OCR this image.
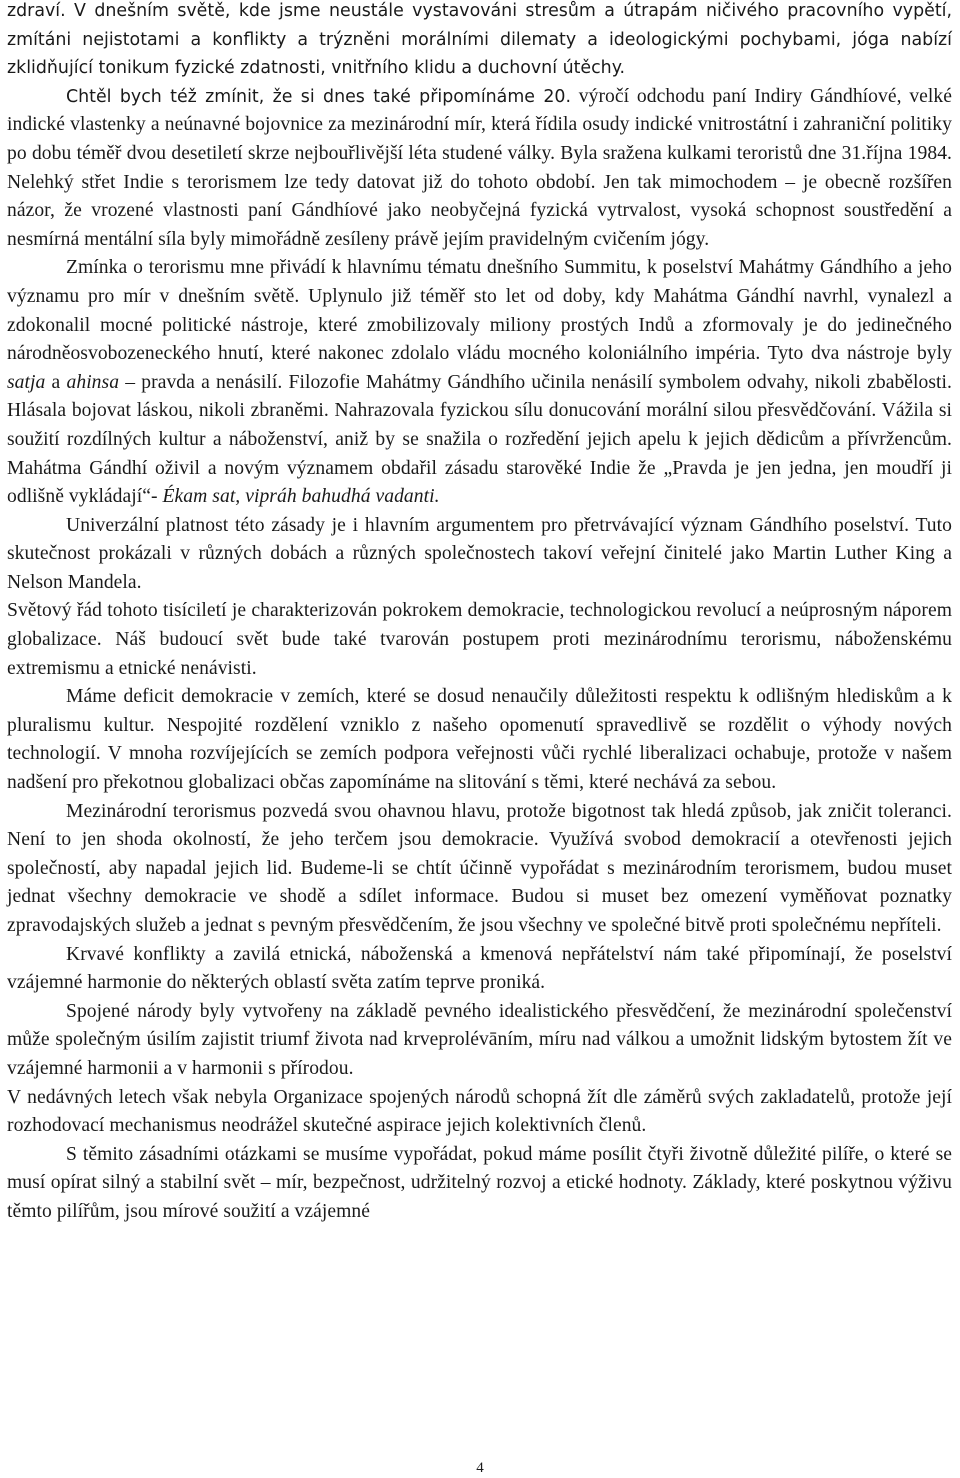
zdraví. V dnešním světě, kde jsme neustále vystavováni stresům a útrapám ničivého pracovního vypětí, zmítáni nejistotami a konflikty a trýzněni morálními dilematy a ideologickými pochybami, jóga nabízí zklidňující tonikum fyzické zdatnosti, vnitřního klidu a duchovní útěchy.

Chtěl bych též zmínit, že si dnes také připomínáme 20. výročí odchodu paní Indiry Gándhíové, velké indické vlastenky a neúnavné bojovnice za mezinárodní mír, která řídila osudy indické vnitrostátní i zahraniční politiky po dobu téměř dvou desetiletí skrze nejbouřlivější léta studené války. Byla sražena kulkami teroristů dne 31.října 1984. Nelehký střet Indie s terorismem lze tedy datovat již do tohoto období. Jen tak mimochodem – je obecně rozšířen názor, že vrozené vlastnosti paní Gándhíové jako neobyčejná fyzická vytrvalost, vysoká schopnost soustředění a nesmírná mentální síla byly mimořádně zesíleny právě jejím pravidelným cvičením jógy.

Zmínka o terorismu mne přivádí k hlavnímu tématu dnešního Summitu, k poselství Mahátmy Gándhího a jeho významu pro mír v dnešním světě. Uplynulo již téměř sto let od doby, kdy Mahátma Gándhí navrhl, vynalezl a zdokonalil mocné politické nástroje, které zmobilizovaly miliony prostých Indů a zformovaly je do jedinečného národněosvobozeneckého hnutí, které nakonec zdolalo vládu mocného koloniálního impéria. Tyto dva nástroje byly satja a ahinsa – pravda a nenásilí. Filozofie Mahátmy Gándhího učinila nenásilí symbolem odvahy, nikoli zbabělosti. Hlásala bojovat láskou, nikoli zbraněmi. Nahrazovala fyzickou sílu donucování morální silou přesvědčování. Vážila si soužití rozdílných kultur a náboženství, aniž by se snažila o rozředění jejich apelu k jejich dědicům a přívržencům. Mahátma Gándhí oživil a novým významem obdařil zásadu starověké Indie že „Pravda je jen jedna, jen moudří ji odlišně vykládají“- Ékam sat, vipráh bahudhá vadanti.

Univerzální platnost této zásady je i hlavním argumentem pro přetrvávající význam Gándhího poselství. Tuto skutečnost prokázali v různých dobách a různých společnostech takoví veřejní činitelé jako Martin Luther King a Nelson Mandela.

Světový řád tohoto tisíciletí je charakterizován pokrokem demokracie, technologickou revolucí a neúprosným náporem globalizace. Náš budoucí svět bude také tvarován postupem proti mezinárodnímu terorismu, náboženskému extremismu a etnické nenávisti.

Máme deficit demokracie v zemích, které se dosud nenaučily důležitosti respektu k odlišným hlediskům a k pluralismu kultur. Nespojité rozdělení vzniklo z našeho opomenutí spravedlivě se rozdělit o výhody nových technologií. V mnoha rozvíjejících se zemích podpora veřejnosti vůči rychlé liberalizaci ochabuje, protože v našem nadšení pro překotnou globalizaci občas zapomínáme na slitování s těmi, které nechává za sebou.

Mezinárodní terorismus pozvedá svou ohavnou hlavu, protože bigotnost tak hledá způsob, jak zničit toleranci. Není to jen shoda okolností, že jeho terčem jsou demokracie. Využívá svobod demokracií a otevřenosti jejich společností, aby napadal jejich lid. Budeme-li se chtít účinně vypořádat s mezinárodním terorismem, budou muset jednat všechny demokracie ve shodě a sdílet informace. Budou si muset bez omezení vyměňovat poznatky zpravodajských služeb a jednat s pevným přesvědčením, že jsou všechny ve společné bitvě proti společnému nepříteli.

Krvavé konflikty a zavilá etnická, náboženská a kmenová nepřátelství nám také připomínají, že poselství vzájemné harmonie do některých oblastí světa zatím teprve proniká.

Spojené národy byly vytvořeny na základě pevného idealistického přesvědčení, že mezinárodní společenství může společným úsilím zajistit triumf života nad krveprolévāním, míru nad válkou a umožnit lidským bytostem žít ve vzájemné harmonii a v harmonii s přírodou.

V nedávných letech však nebyla Organizace spojených národů schopná žít dle záměrů svých zakladatelů, protože její rozhodovací mechanismus neodrážel skutečné aspirace jejich kolektivních členů.

S těmito zásadními otázkami se musíme vypořádat, pokud máme posílit čtyři životně důležité pilíře, o které se musí opírat silný a stabilní svět – mír, bezpečnost, udržitelný rozvoj a etické hodnoty. Základy, které poskytnou výživu těmto pilířům, jsou mírové soužití a vzájemné

4
